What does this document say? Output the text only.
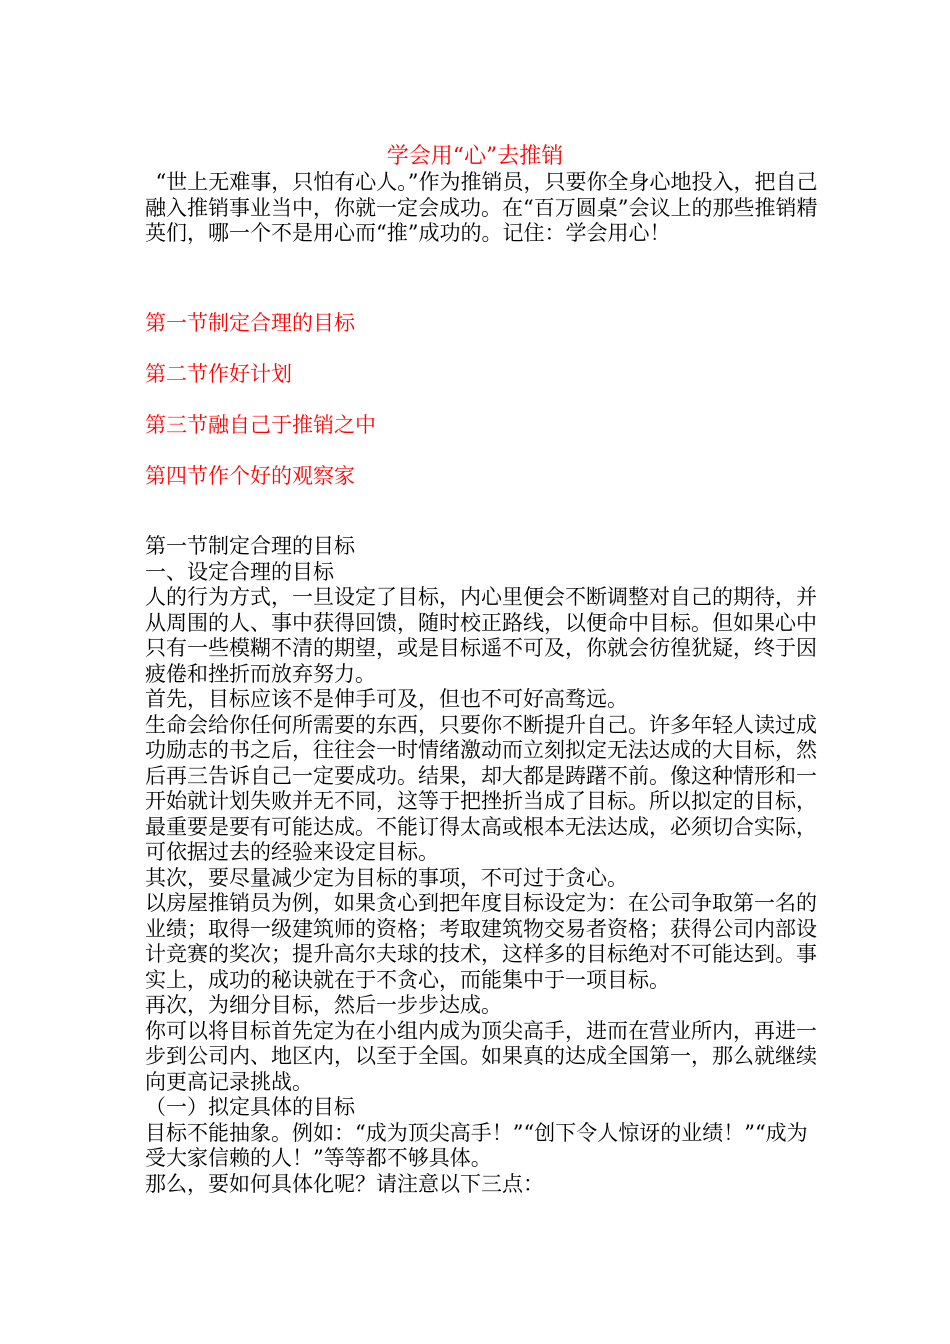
学会用“心”去推销

“世上无难事，只怕有心人。”作为推销员，只要你全身心地投入，把自己融入推销事业当中，你就一定会成功。在“百万圆桌”会议上的那些推销精英们，哪一个不是用心而“推”成功的。记住：学会用心！

第一节制定合理的目标
第二节作好计划
第三节融自己于推销之中
第四节作个好的观察家

第一节制定合理的目标

一、设定合理的目标

人的行为方式，一旦设定了目标，内心里便会不断调整对自己的期待，并从周围的人、事中获得回馈，随时校正路线，以便命中目标。但如果心中只有一些模糊不清的期望，或是目标遥不可及，你就会彷徨犹疑，终于因疲倦和挫折而放弃努力。

首先，目标应该不是伸手可及，但也不可好高骛远。

生命会给你任何所需要的东西，只要你不断提升自己。许多年轻人读过成功励志的书之后，往往会一时情绪激动而立刻拟定无法达成的大目标，然后再三告诉自己一定要成功。结果，却大都是踌躇不前。像这种情形和一开始就计划失败并无不同，这等于把挫折当成了目标。所以拟定的目标，最重要是要有可能达成。不能订得太高或根本无法达成，必须切合实际，可依据过去的经验来设定目标。

其次，要尽量减少定为目标的事项，不可过于贪心。

以房屋推销员为例，如果贪心到把年度目标设定为：在公司争取第一名的业绩；取得一级建筑师的资格；考取建筑物交易者资格；获得公司内部设计竞赛的奖次；提升高尔夫球的技术，这样多的目标绝对不可能达到。事实上，成功的秘诀就在于不贪心，而能集中于一项目标。

再次，为细分目标，然后一步步达成。

你可以将目标首先定为在小组内成为顶尖高手，进而在营业所内，再进一步到公司内、地区内，以至于全国。如果真的达成全国第一，那么就继续向更高记录挑战。

（一）拟定具体的目标

目标不能抽象。例如：“成为顶尖高手！”“创下令人惊讶的业绩！”“成为受大家信赖的人！”等等都不够具体。

那么，要如何具体化呢？请注意以下三点：
